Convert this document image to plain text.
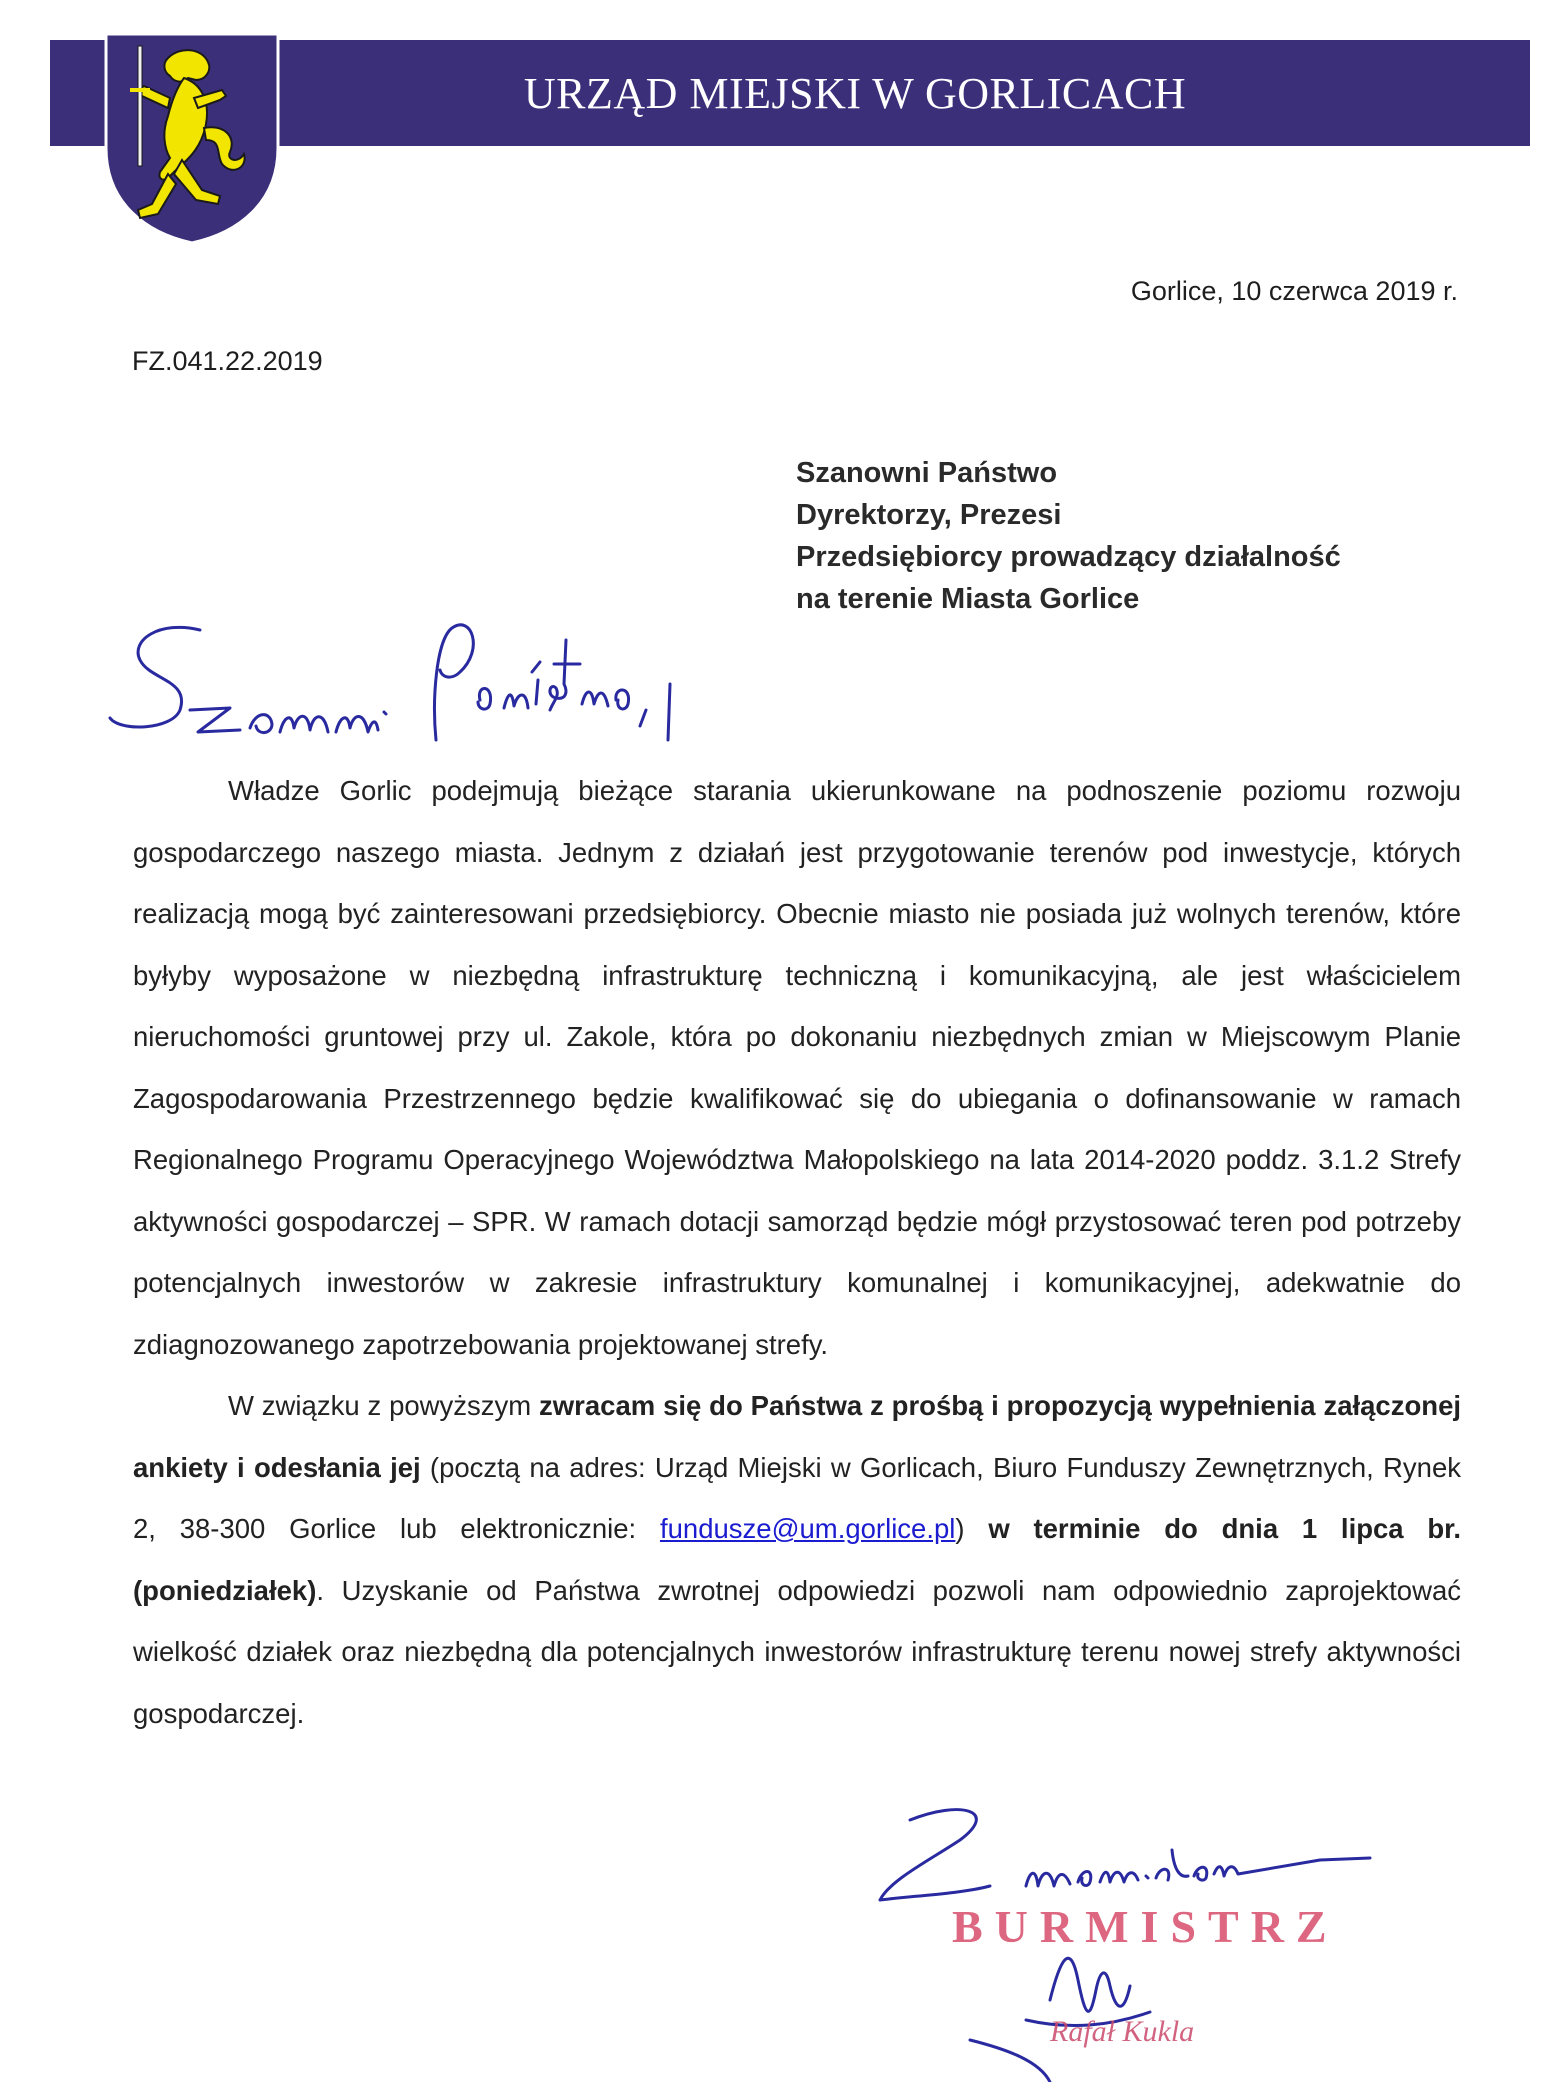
URZĄD MIEJSKI W GORLICACH
Gorlice, 10 czerwca 2019 r.
FZ.041.22.2019
Szanowni Państwo
Dyrektorzy, Prezesi
Przedsiębiorcy prowadzący działalność
na terenie Miasta Gorlice
Szanowni Państwo,

Władze Gorlic podejmują bieżące starania ukierunkowane na podnoszenie poziomu rozwoju gospodarczego naszego miasta. Jednym z działań jest przygotowanie terenów pod inwestycje, których realizacją mogą być zainteresowani przedsiębiorcy. Obecnie miasto nie posiada już wolnych terenów, które byłyby wyposażone w niezbędną infrastrukturę techniczną i komunikacyjną, ale jest właścicielem nieruchomości gruntowej przy ul. Zakole, która po dokonaniu niezbędnych zmian w Miejscowym Planie Zagospodarowania Przestrzennego będzie kwalifikować się do ubiegania o dofinansowanie w ramach Regionalnego Programu Operacyjnego Województwa Małopolskiego na lata 2014-2020 poddz. 3.1.2 Strefy aktywności gospodarczej – SPR. W ramach dotacji samorząd będzie mógł przystosować teren pod potrzeby potencjalnych inwestorów w zakresie infrastruktury komunalnej i komunikacyjnej, adekwatnie do zdiagnozowanego zapotrzebowania projektowanej strefy.

W związku z powyższym zwracam się do Państwa z prośbą i propozycją wypełnienia załączonej ankiety i odesłania jej (pocztą na adres: Urząd Miejski w Gorlicach, Biuro Funduszy Zewnętrznych, Rynek 2, 38-300 Gorlice lub elektronicznie: fundusze@um.gorlice.pl) w terminie do dnia 1 lipca br. (poniedziałek). Uzyskanie od Państwa zwrotnej odpowiedzi pozwoli nam odpowiednio zaprojektować wielkość działek oraz niezbędną dla potencjalnych inwestorów infrastrukturę terenu nowej strefy aktywności gospodarczej.

Z poważaniem
BURMISTRZ
Rafał Kukla
